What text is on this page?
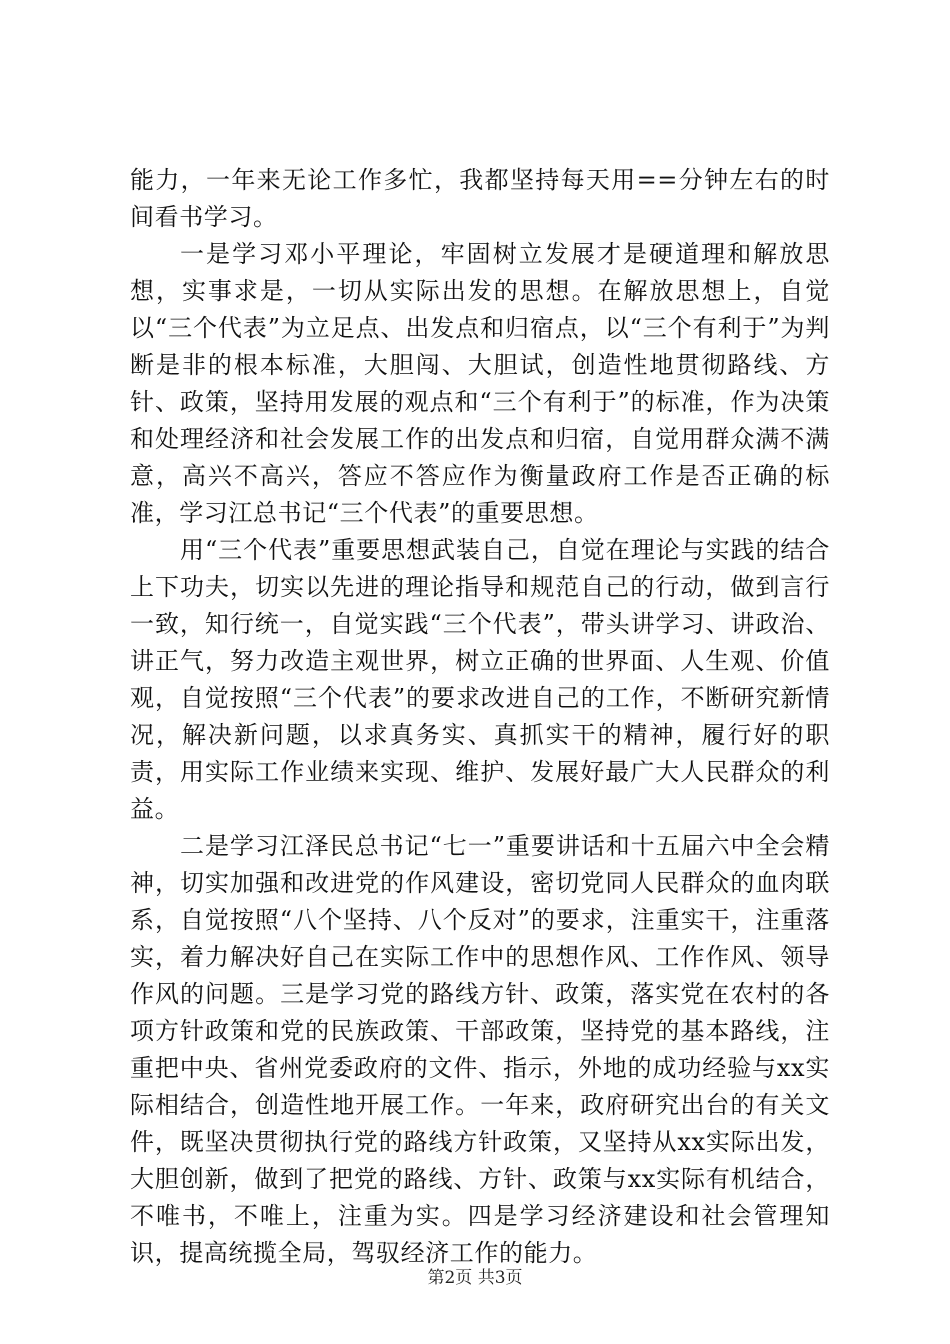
能力，一年来无论工作多忙，我都坚持每天用==分钟左右的时间看书学习。

一是学习邓小平理论，牢固树立发展才是硬道理和解放思想，实事求是，一切从实际出发的思想。在解放思想上，自觉以“三个代表”为立足点、出发点和归宿点，以“三个有利于”为判断是非的根本标准，大胆闯、大胆试，创造性地贯彻路线、方针、政策，坚持用发展的观点和“三个有利于”的标准，作为决策和处理经济和社会发展工作的出发点和归宿，自觉用群众满不满意，高兴不高兴，答应不答应作为衡量政府工作是否正确的标准，学习江总书记“三个代表”的重要思想。

用“三个代表”重要思想武装自己，自觉在理论与实践的结合上下功夫，切实以先进的理论指导和规范自己的行动，做到言行一致，知行统一，自觉实践“三个代表”，带头讲学习、讲政治、讲正气，努力改造主观世界，树立正确的世界面、人生观、价值观，自觉按照“三个代表”的要求改进自己的工作，不断研究新情况，解决新问题，以求真务实、真抓实干的精神，履行好的职责，用实际工作业绩来实现、维护、发展好最广大人民群众的利益。

二是学习江泽民总书记“七一”重要讲话和十五届六中全会精神，切实加强和改进党的作风建设，密切党同人民群众的血肉联系，自觉按照“八个坚持、八个反对”的要求，注重实干，注重落实，着力解决好自己在实际工作中的思想作风、工作作风、领导作风的问题。三是学习党的路线方针、政策，落实党在农村的各项方针政策和党的民族政策、干部政策，坚持党的基本路线，注重把中央、省州党委政府的文件、指示，外地的成功经验与xx实际相结合，创造性地开展工作。一年来，政府研究出台的有关文件，既坚决贯彻执行党的路线方针政策，又坚持从xx实际出发，大胆创新，做到了把党的路线、方针、政策与xx实际有机结合，不唯书，不唯上，注重为实。四是学习经济建设和社会管理知识，提高统揽全局，驾驭经济工作的能力。

第2页 共3页
